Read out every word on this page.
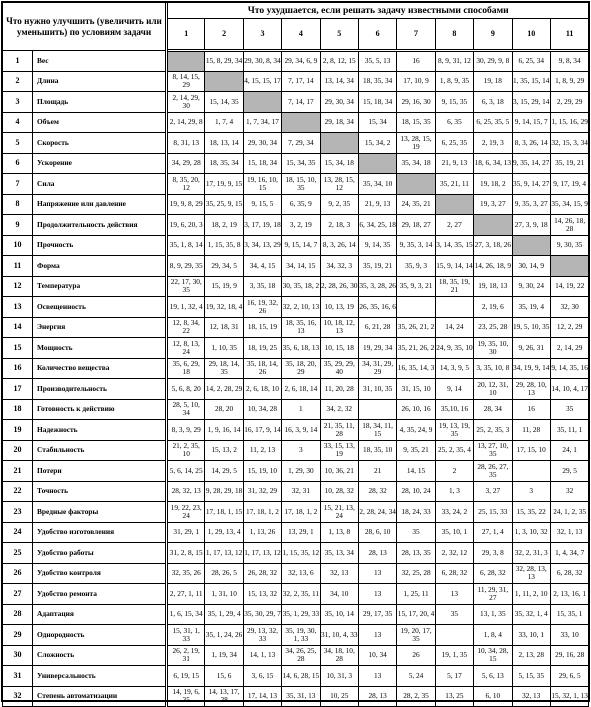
Что нужно улучшить (увеличить или уменьшить) по условиям задачи		Что ухудшается, если решать задачу известными способами										
		1	2	3	4	5	6	7	8	9	10	11
1	Вес		15, 8, 29, 34	29, 30, 8, 34	29, 34, 6, 9	2, 8, 12, 15	35, 5, 13	16	8, 9, 31, 12	30, 29, 9, 8	6, 25, 34	9, 8, 34
2	Длина	8, 14, 15, 29		4, 15, 15, 17	7, 17, 14	13, 14, 34	18, 35, 34	17, 10, 9	1, 8, 9, 35	19, 18	1, 35, 15, 14	1, 8, 9, 29
3	Площадь	2, 14, 29, 30	15, 14, 35		7, 14, 17	29, 30, 34	15, 18, 34	29, 16, 30	9, 15, 35	6, 3, 18	3, 15, 29, 14	2, 29, 29
4	Объем	2, 14, 29, 8	1, 7, 4	1, 7, 34, 17		29, 18, 34	15, 34	18, 15, 35	6, 35	6, 25, 35, 5	9, 14, 15, 7	1, 15, 16, 29
5	Скорость	8, 31, 13	18, 13, 14	29, 30, 34	7, 29, 34		15, 34, 2	13, 28, 15, 19	6, 25, 35	2, 19, 3	8, 3, 26, 14	32, 15, 3, 34
6	Ускорение	34, 29, 28	18, 35, 34	15, 18, 34	15, 34, 35	15, 34, 18		35, 34, 18	21, 9, 13	18, 6, 34, 13	9, 35, 14, 27	35, 19, 21
7	Сила	8, 35, 20, 12	17, 19, 9, 15	19, 16, 10, 15	18, 15, 10, 35	13, 28, 15, 12	35, 34, 10		35, 21, 11	19, 18, 2	35, 9, 14, 27	9, 17, 19, 4
8	Напряжение или давление	19, 9, 8, 29	35, 25, 9, 15	9, 15, 5	6, 35, 9	9, 2, 35	21, 9, 13	24, 35, 21		19, 3, 27	9, 35, 3, 27	35, 34, 15, 9
9	Продолжительность действия	19, 6, 20, 3	18, 2, 19	3, 17, 19, 18	3, 2, 19	2, 18, 3	6, 34, 25, 18	29, 18, 27	2, 27		27, 3, 9, 18	14, 26, 18, 28
10	Прочность	35, 1, 8, 14	1, 15, 35, 8	3, 34, 13, 29	9, 15, 14, 7	8, 3, 26, 14	9, 14, 35	9, 35, 3, 14	3, 14, 35, 15	27, 3, 18, 26		9, 30, 35
11	Форма	8, 9, 29, 35	29, 34, 5	34, 4, 15	34, 14, 15	34, 32, 3	35, 19, 21	35, 9, 3	15, 9, 14, 14	14, 26, 18, 9	30, 14, 9	
12	Температура	22, 17, 30, 35	15, 19, 9	3, 35, 18	30, 35, 18, 2	2, 28, 26, 30	35, 3, 28, 26	35, 9, 3, 21	18, 35, 19, 21	19, 18, 13	9, 30, 24	14, 19, 22
13	Освещенность	19, 1, 32, 4	19, 32, 18, 4	16, 19, 32, 26	32, 2, 10, 13	10, 13, 19	26, 35, 16, 6			2, 19, 6	35, 19, 4	32, 30
14	Энергия	12, 8, 34, 22	12, 18, 31	18, 15, 19	18, 35, 16, 13	10, 18, 12, 13	6, 21, 28	35, 26, 21, 2	14, 24	23, 25, 28	19, 5, 10, 35	12, 2, 29
15	Мощность	12, 8, 13, 24	1, 10, 35	18, 19, 25	35, 6, 18, 13	10, 15, 18	19, 29, 34	35, 21, 26, 2	24, 9, 35, 10	19, 35, 10, 30	9, 26, 31	2, 14, 29
16	Количество вещества	35, 6, 29, 18	29, 18, 14, 35	35, 18, 14, 26	35, 18, 20, 29	35, 29, 29, 40	34, 31, 29, 29	16, 35, 14, 3	14, 3, 9, 5	3, 35, 10, 8	34, 19, 9, 14	9, 14, 35, 16
17	Производительность	5, 6, 8, 20	14, 2, 28, 29	2, 6, 18, 10	2, 6, 18, 14	11, 20, 28	31, 10, 35	31, 15, 10	9, 14	20, 12, 31, 10	29, 28, 10, 13	14, 10, 4, 17
18	Готовность к действию	28, 5, 10, 34	28, 20	10, 34, 28	1	34, 2, 32		26, 10, 16	35,10, 16	28, 34	16	35
19	Надежность	8, 3, 9, 29	1, 9, 16, 14	16, 17, 9, 14	16, 3, 9, 14	21, 35, 11, 28	18, 34, 11, 15	4, 35, 24, 9	19, 13, 19, 35	25, 2, 35, 3	11, 28	35, 11, 1
20	Стабильность	21, 2, 35, 10	15, 13, 2	11, 2, 13	3	33, 15, 13, 19	18, 35, 10	9, 35, 21	25, 2, 35, 4	13, 27, 10, 35	17, 15, 10	24, 1
21	Потери	5, 6, 14, 25	14, 29, 5	15, 19, 10	1, 29, 30	10, 36, 21	21	14, 15	2	28, 26, 27, 35		29, 5
22	Точность	28, 32, 13	9, 28, 29, 18	31, 32, 29	32, 31	10, 28, 32	28, 32	28, 10, 24	1, 3	3, 27	3	32
23	Вредные факторы	19, 22, 23, 24	17, 18, 1, 15	17, 18, 1, 2	17, 18, 1, 2	15, 21, 13, 24	2, 28, 24, 34	18, 24, 33	33, 24, 2	25, 15, 33	15, 35, 22	24, 1, 2, 35
24	Удобство изготовления	31, 29, 1	1, 29, 13, 4	1, 13, 26	13, 29, 1	1, 13, 8	28, 6, 10	35	35, 10, 1	27, 1, 4	1, 3, 10, 32	32, 1, 13
25	Удобство работы	31, 2, 8, 15	1, 17, 13, 12	1, 17, 13, 12	1, 15, 35, 12	35, 13, 34	28, 13	28, 13, 35	2, 32, 12	29, 3, 8	32, 2, 31, 3	1, 4, 34, 7
26	Удобство контроля	32, 35, 26	28, 26, 5	26, 28, 32	32, 13, 6	32, 13	13	32, 25, 28	6, 28, 32	6, 28, 32	32, 28, 13, 13	6, 28, 32
27	Удобство ремонта	2, 27, 1, 11	1, 31, 10	15, 13, 32	32, 2, 35, 11	34, 10	13	1, 25, 11	13	11, 29, 31, 27	1, 11, 2, 10	2, 13, 16, 1
28	Адаптация	1, 6, 15, 34	35, 1, 29, 4	35, 30, 29, 7	35, 1, 29, 33	35, 10, 14	29, 17, 35	15, 17, 20, 4	35	13, 1, 35	35, 32, 1, 4	15, 35, 1
29	Однородность	15, 31, 1, 33	35, 1, 24, 26	29, 13, 32, 33	35, 19, 30, 1, 33	31, 10, 4, 33	13	19, 20, 17, 35		1, 8, 4	33, 10, 1	33, 10
30	Сложность	26, 2, 19, 31	1, 19, 34	14, 1, 13	34, 26, 25, 28	34, 18, 10, 28	10, 34	26	19, 1, 35	10, 34, 28, 15	2, 13, 28	29, 16, 28
31	Универсальность	6, 19, 15	15, 6	3, 6, 15	14, 6, 28, 15	10, 31, 3	13	5, 24	5, 17	5, 6, 13	5, 15, 35	29, 6, 5
32	Степень автоматизации	14, 19, 6, 35	14, 13, 17, 28	17, 14, 13	35, 31, 13	10, 25	28, 13	28, 2, 35	13, 25	6, 10	32, 13	15, 32, 1, 13
